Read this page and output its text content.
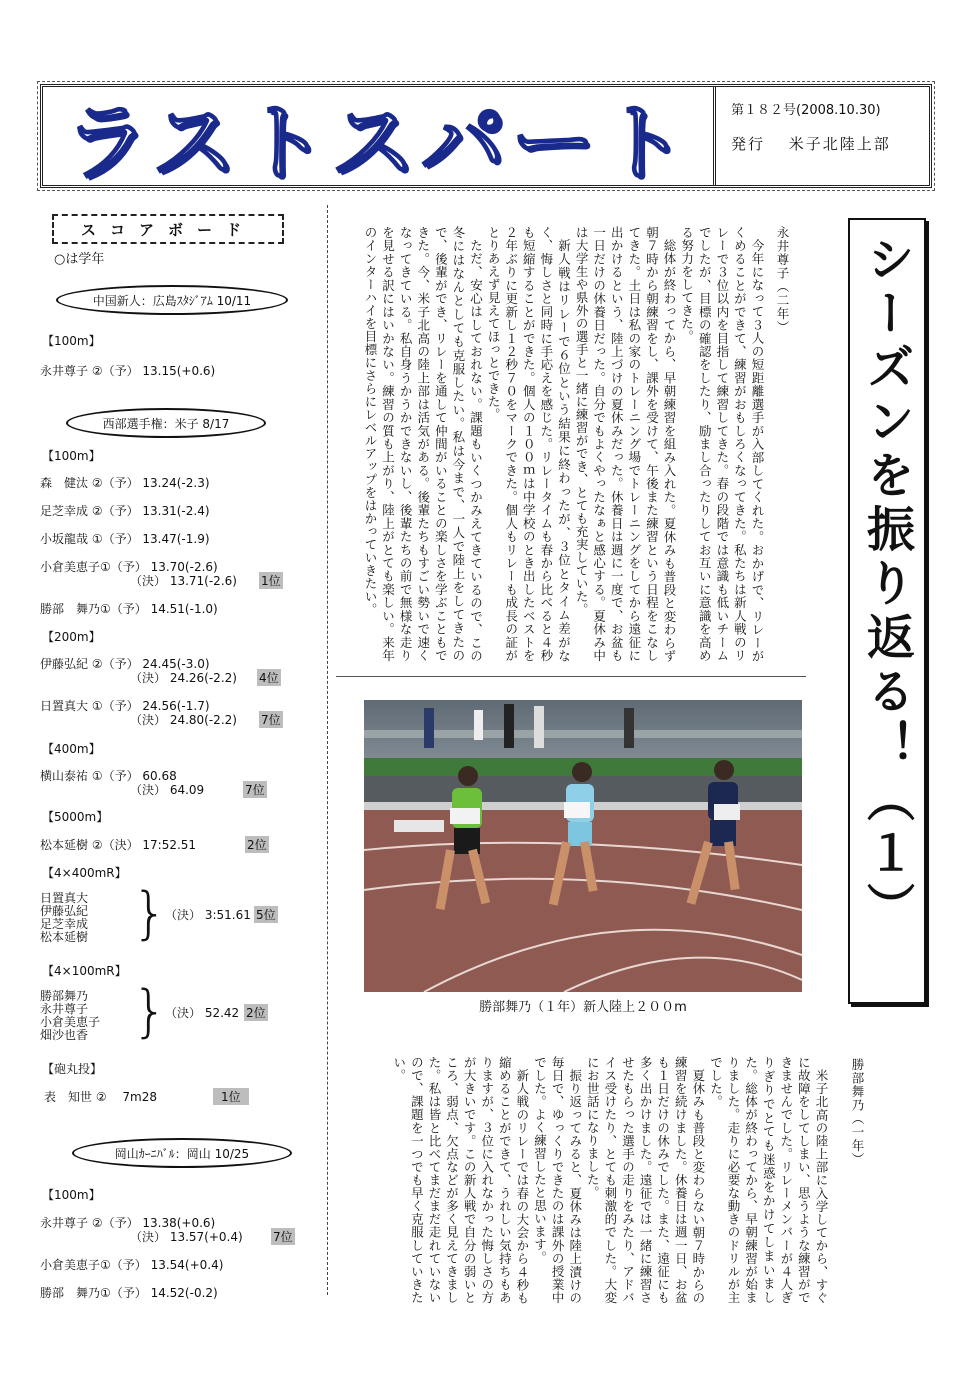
ラストスパート	第１８２号(2008.10.30)
発行　 米子北陸上部
スコアボード
○は学年
中国新人：広島ｽﾀｼﾞｱﾑ 10/11
【100m】
永井尊子 ②（予） 13.15(+0.6)
西部選手権：米子 8/17
【100m】
森　健汰 ②（予） 13.24(-2.3)
足芝幸成 ②（予） 13.31(-2.4)
小坂龍哉 ①（予） 13.47(-1.9)
小倉美恵子①（予） 13.70(-2.6)
（決） 13.71(-2.6) 1位
勝部　舞乃①（予） 14.51(-1.0)
【200m】
伊藤弘紀 ②（予） 24.45(-3.0)
（決） 24.26(-2.2) 4位
日置真大 ①（予） 24.56(-1.7)
（決） 24.80(-2.2) 7位
【400m】
横山泰祐 ①（予） 60.68
（決） 64.09	7位
【5000m】
松本延樹 ②（決） 17:52.51	2位
【4×400mR】
日置真大
伊藤弘紀
足芝幸成
松本延樹 }
（決） 3:51.61 5位
【4×100mR】
勝部舞乃
永井尊子
小倉美恵子
畑沙也香 }
（決） 52.42 2位
【砲丸投】
表　知世 ②　 7m28	1位
岡山ｶｰﾆﾊﾞﾙ：岡山 10/25
【100m】
永井尊子 ②（予） 13.38(+0.6)
（決） 13.57(+0.4)	7位
小倉美恵子①（予） 13.54(+0.4)
勝部　舞乃①（予） 14.52(-0.2)
永井尊子（二年）

今年になって３人の短距離選手が入部してくれた。おかげで、リレーがくめることができて、練習がおもしろくなってきた。私たちは新人戦のリレーで３位以内を目指して練習してきた。春の段階では意識も低いチームでしたが、目標の確認をしたり、励まし合ったりしてお互いに意識を高める努力をしてきた。

総体が終わってから、早朝練習を組み入れた。夏休みも普段と変わらず朝７時から朝練習をし、課外を受けて、午後また練習という日程をこなしてきた。土日は私の家のトレーニング場でトレーニングをしてから遠征に出かけるという、陸上づけの夏休みだった。休養日は週に一度で、お盆も一日だけの休養日だった。自分でもよくやったなぁと感心する。夏休み中は大学生や県外の選手と一緒に練習ができ、とても充実していた。

新人戦はリレーで６位という結果に終わったが、３位とタイム差がなく、悔しさと同時に手応えを感じた。リレータイムも春から比べると４秒も短縮することができた。個人の１００ｍは中学校のとき出したベストを２年ぶりに更新し１２秒７０をマークできた。個人もリレーも成長の証がとりあえず見えてほっとできた。

ただ、安心はしておれない。課題もいくつかみえてきているので、この冬にはなんとしても克服したい。私は今まで、一人で陸上をしてきたので、後輩ができ、リレーを通して仲間がいることの楽しさを学ぶこともできた。今、米子北高の陸上部は活気がある。後輩たちもすごい勢いで速くなってきている。私自身うかうかできないし、後輩たちの前で無様な走りを見せる訳にはいかない。練習の質も上がり、陸上がとても楽しい。来年のインターハイを目標にさらにレベルアップをはかっていきたい。

勝部舞乃（１年）新人陸上２００m
勝部舞乃（一年）

米子北高の陸上部に入学してから、すぐに故障をしてしまい、思うような練習ができませんでした。リレーメンバーが４人ぎりぎりでとても迷惑をかけてしまいました。総体が終わってから、早朝練習が始まりました。走りに必要な動きのドリルが主でした。

夏休みも普段と変わらない朝７時からの練習を続けました。休養日は週一日、お盆も１日だけの休みでした。また、遠征にも多く出かけました。遠征では一緒に練習させたもらった選手の走りをみたり、アドバイス受けたり、とても刺激的でした。大変にお世話になりました。

振り返ってみると、夏休みは陸上漬けの毎日で、ゆっくりできたのは課外の授業中でした。よく練習したと思います。

新人戦のリレーでは春の大会から４秒も縮めることができて、うれしい気持ちもありますが、３位に入れなかった悔しさの方が大きいです。この新人戦で自分の弱いところ、弱点、欠点などが多く見えてきました。私は皆と比べてまだまだ走れていないので、課題を一つでも早く克服していきたい。

シーズンを振り返る！（１）
